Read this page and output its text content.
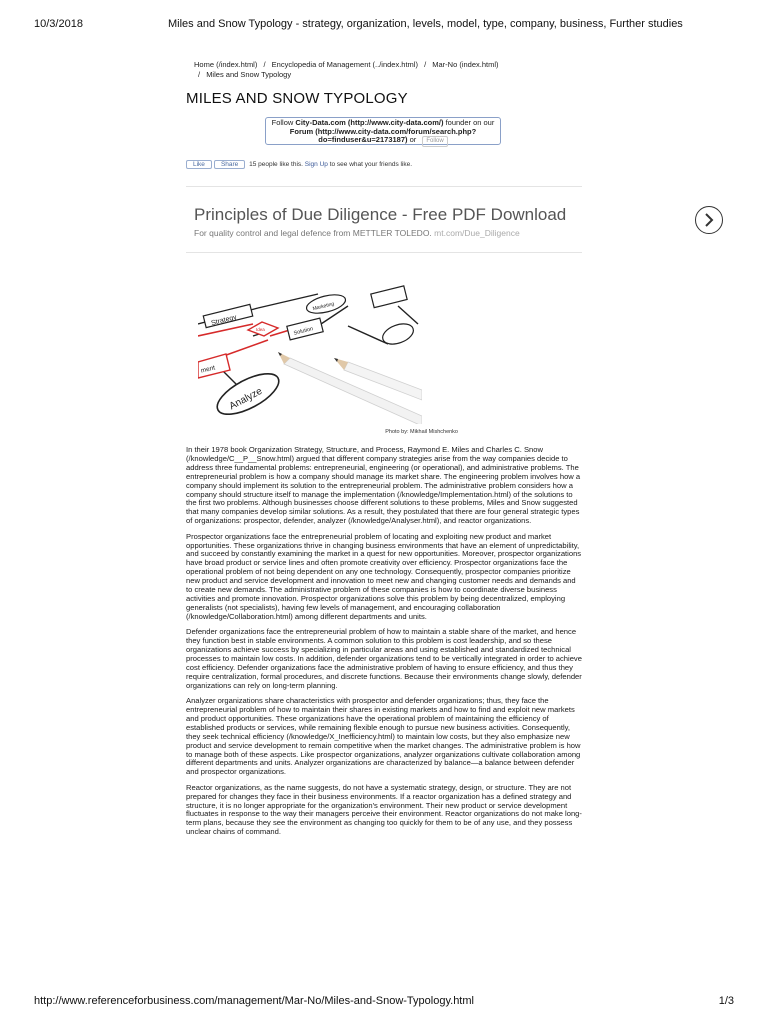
10/3/2018	Miles and Snow Typology - strategy, organization, levels, model, type, company, business, Further studies
Home (/index.html) / Encyclopedia of Management (../index.html) / Mar-No (index.html)
/ Miles and Snow Typology
MILES AND SNOW TYPOLOGY
Follow City-Data.com (http://www.city-data.com/) founder on our
Forum (http://www.city-data.com/forum/search.php?
do=finduser&u=2173187) or Follow
Like Share 15 people like this. Sign Up to see what your friends like.
Principles of Due Diligence - Free PDF Download
For quality control and legal defence from METTLER TOLEDO. mt.com/Due_Diligence
Strategy
Marketing
Solution
Idea
ment
Analyze
Photo by: Mikhail Mishchenko

In their 1978 book Organization Strategy, Structure, and Process, Raymond E. Miles and Charles C. Snow (/knowledge/C__P__Snow.html) argued that different company strategies arise from the way companies decide to address three fundamental problems: entrepreneurial, engineering (or operational), and administrative problems. The entrepreneurial problem is how a company should manage its market share. The engineering problem involves how a company should implement its solution to the entrepreneurial problem. The administrative problem considers how a company should structure itself to manage the implementation (/knowledge/Implementation.html) of the solutions to the first two problems. Although businesses choose different solutions to these problems, Miles and Snow suggested that many companies develop similar solutions. As a result, they postulated that there are four general strategic types of organizations: prospector, defender, analyzer (/knowledge/Analyser.html), and reactor organizations.

Prospector organizations face the entrepreneurial problem of locating and exploiting new product and market opportunities. These organizations thrive in changing business environments that have an element of unpredictability, and succeed by constantly examining the market in a quest for new opportunities. Moreover, prospector organizations have broad product or service lines and often promote creativity over efficiency. Prospector organizations face the operational problem of not being dependent on any one technology. Consequently, prospector companies prioritize new product and service development and innovation to meet new and changing customer needs and demands and to create new demands. The administrative problem of these companies is how to coordinate diverse business activities and promote innovation. Prospector organizations solve this problem by being decentralized, employing generalists (not specialists), having few levels of management, and encouraging collaboration (/knowledge/Collaboration.html) among different departments and units.

Defender organizations face the entrepreneurial problem of how to maintain a stable share of the market, and hence they function best in stable environments. A common solution to this problem is cost leadership, and so these organizations achieve success by specializing in particular areas and using established and standardized technical processes to maintain low costs. In addition, defender organizations tend to be vertically integrated in order to achieve cost efficiency. Defender organizations face the administrative problem of having to ensure efficiency, and thus they require centralization, formal procedures, and discrete functions. Because their environments change slowly, defender organizations can rely on long-term planning.

Analyzer organizations share characteristics with prospector and defender organizations; thus, they face the entrepreneurial problem of how to maintain their shares in existing markets and how to find and exploit new markets and product opportunities. These organizations have the operational problem of maintaining the efficiency of established products or services, while remaining flexible enough to pursue new business activities. Consequently, they seek technical efficiency (/knowledge/X_Inefficiency.html) to maintain low costs, but they also emphasize new product and service development to remain competitive when the market changes. The administrative problem is how to manage both of these aspects. Like prospector organizations, analyzer organizations cultivate collaboration among different departments and units. Analyzer organizations are characterized by balance—a balance between defender and prospector organizations.

Reactor organizations, as the name suggests, do not have a systematic strategy, design, or structure. They are not prepared for changes they face in their business environments. If a reactor organization has a defined strategy and structure, it is no longer appropriate for the organization's environment. Their new product or service development fluctuates in response to the way their managers perceive their environment. Reactor organizations do not make long-term plans, because they see the environment as changing too quickly for them to be of any use, and they possess unclear chains of command.

http://www.referenceforbusiness.com/management/Mar-No/Miles-and-Snow-Typology.html	1/3
